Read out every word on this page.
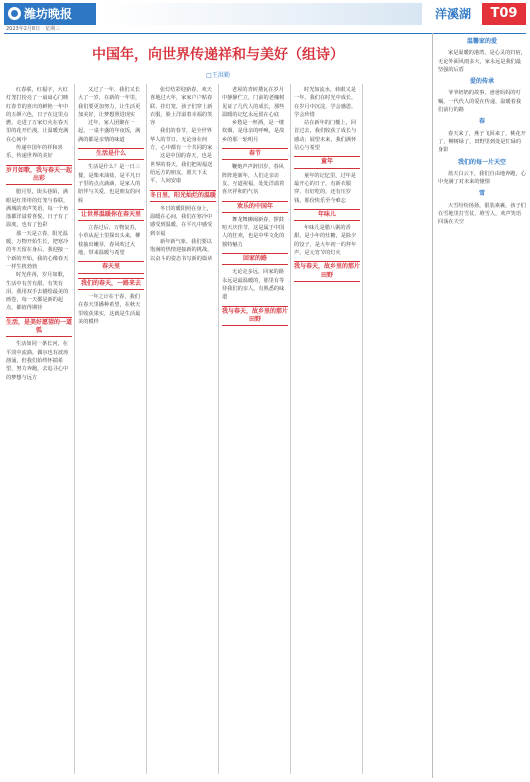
潍坊晚报	洋溪湖	T09
2023年2月8日　星期三
中国年，向世界传递祥和与美好（组诗）
□王洪勤
红春联，红福字，大红灯笼打扮亮了一扇扇心门映红春节的喜庆的鲜艳一年中的五颜六色，日子在这里点燃，走进了万家灯火在春天里的花开烂漫，让温暖充满在心间中
传递中国年的祥和喜乐，传递世界的美好
岁月如歌，我与春天一起出彩
腊月里，街头巷陌，满眼是红彤彤的灯笼与春联，满城的欢声笑语，每一个角落都洋溢着喜悦。日子有了温度，也有了色彩
那一天是立春，阳光温暖，万物开始生长，把寒冷的冬天留在身后，我迎接一个新的开始，我的心像春天一样生机勃勃
时光荏苒，岁月如歌，生活中有苦有甜，有笑有泪，我用双手去描绘最美的画卷，每一天都是新的起点，都值得期待
生活，是美好愿望的一道弧
生活如同一条长河，在平淡中流淌，偶尔也有波涛汹涌，但我们始终怀揣希望，努力奔跑，去追寻心中的梦想与远方
又过了一年，我们又长大了一岁，在新的一年里，我们要更加努力，让生活更加美好，让梦想照进现实
过年，家人团聚在一起，一桌丰盛的年夜饭，满满的都是亲情的味道
生活是什么
生活是什么？是一日三餐，是柴米油盐，是平凡日子里的点点滴滴，是家人的陪伴与关爱，也是朋友的问候
让世界温暖你在春天里
立春过后，万物复苏，小草从泥土里探出头来，柳枝抽出嫩芽，春风吹过大地，带来温暖与希望
春天里
我们的春天，一路来去
一年之计在于春，我们在春天里播种希望，在秋天里收获果实，这就是生活最美的模样
张灯结彩迎新春，欢天喜地过大年，家家户户贴春联、挂灯笼，孩子们穿上新衣服，脸上洋溢着幸福的笑容
我们的春节，是全世界华人的节日，无论身在何方，心中都有一个共同的家
这是中国的春天，也是世界的春天，我们把祝福送给远方的朋友，愿天下太平，人间安康
冬日里，阳光灿烂的温暖
冬日的暖阳照在身上，温暖在心间，我们在寒冷中感受到温暖，在平凡中感受到幸福
新年新气象，我们要以饱满的热情迎接新的挑战，以奋斗的姿态书写新的篇章
老屋的青砖黛瓦在岁月中静静伫立，门前的老槐树见证了几代人的成长，那些温暖的记忆永远留在心底
乡愁是一杯酒，是一缕炊烟，是母亲的呼唤，是故乡的那一轮明月
春节
鞭炮声声辞旧岁，春风阵阵迎新年，人们走亲访友，互道祝福，处处洋溢着喜庆祥和的气氛
欢乐的中国年
舞龙舞狮闹新春，锣鼓喧天庆佳节，这是属于中国人的狂欢，也是中华文化的独特魅力
回家的路
无论走多远，回家的路永远是最温暖的，那里有等待我们的亲人，有熟悉的味道
我与春天，故乡里的那片田野
时光如流水，转眼又是一年，我们在时光中成长，在岁月中沉淀，学会感恩，学会珍惜
站在新年的门槛上，回首过去，我们收获了成长与感动；展望未来，我们满怀信心与希望
童年
童年的记忆里，过年是最开心的日子，有新衣服穿，有好吃的，还有压岁钱，那份快乐至今难忘
年味儿
年味儿是腊八粥的香甜，是小年的灶糖，是除夕的饺子，是大年初一的拜年声，是元宵节的灯火
我与春天，故乡里的那片田野
温馨家的爱
家是温暖的港湾，是心灵的归宿，无论外面风雨多大，家永远是我们最坚强的后盾
爱的传承
爷爷奶奶的故事，爸爸妈妈的叮嘱，一代代人的爱在传递，温暖着我们前行的路
春
春天来了，燕子飞回来了，桃花开了，柳树绿了，田野里到处是忙碌的身影
我们的每一片天空
蓝天白云下，我们自由地奔跑，心中充满了对未来的憧憬
雪
大雪纷纷扬扬，银装素裹，孩子们在雪地里打雪仗、堆雪人，欢声笑语回荡在天空
